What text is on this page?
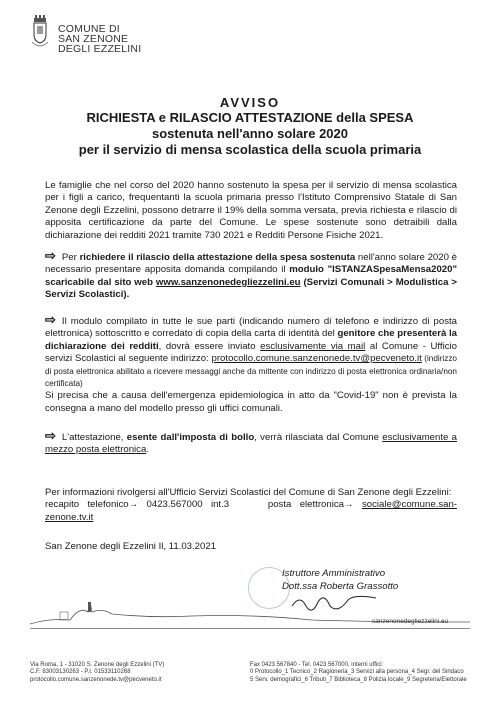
COMUNE DI
SAN ZENONE
DEGLI EZZELINI
AVVISO
RICHIESTA e RILASCIO ATTESTAZIONE della SPESA
sostenuta nell'anno solare 2020
per il servizio di mensa scolastica della scuola primaria
Le famiglie che nel corso del 2020 hanno sostenuto la spesa per il servizio di mensa scolastica per i figli a carico, frequentanti la scuola primaria presso l'Istituto Comprensivo Statale di San Zenone degli Ezzelini, possono detrarre il 19% della somma versata, previa richiesta e rilascio di apposita certificazione da parte del Comune. Le spese sostenute sono detraibili dalla dichiarazione dei redditi 2021 tramite 730 2021 e Redditi Persone Fisiche 2021.
⇨ Per richiedere il rilascio della attestazione della spesa sostenuta nell'anno solare 2020 è necessario presentare apposita domanda compilando il modulo "ISTANZASpesaMensa2020" scaricabile dal sito web www.sanzenonedegliezzelini.eu (Servizi Comunali > Modulistica > Servizi Scolastici).
⇨ Il modulo compilato in tutte le sue parti (indicando numero di telefono e indirizzo di posta elettronica) sottoscritto e corredato di copia della carta di identità del genitore che presenterà la dichiarazione dei redditi, dovrà essere inviato esclusivamente via mail al Comune - Ufficio servizi Scolastici al seguente indirizzo: protocollo.comune.sanzenonede.tv@pecveneto.it (indirizzo di posta elettronica abilitato a ricevere messaggi anche da mittente con indirizzo di posta elettronica ordinaria/non certificata)
Si precisa che a causa dell'emergenza epidemiologica in atto da "Covid-19" non è prevista la consegna a mano del modello presso gli uffici comunali.
⇨ L'attestazione, esente dall'imposta di bollo, verrà rilasciata dal Comune esclusivamente a mezzo posta elettronica.
Per informazioni rivolgersi all'Ufficio Servizi Scolastici del Comune di San Zenone degli Ezzelini:
recapito telefonico→ 0423.567000 int.3	posta elettronica→ sociale@comune.san-zenone.tv.it
San Zenone degli Ezzelini Il, 11.03.2021
Istruttore Amministrativo
Dott.ssa Roberta Grassotto
sanzenonedegliezzelini.eu
Via Roma, 1 - 31020 S. Zenone degli Ezzelini (TV)
C.F. 83003130263 - P.I. 01533110268
protocollo.comune.sanzenonede.tv@pecveneto.it
Fax 0423 567840 - Tel. 0423 567000, interni uffici:
0 Protocollo_1 Tecnico_2 Ragioneria_3 Servizi alla persona_4 Segr. del Sindaco
5 Serv. demografici_6 Tributi_7 Biblioteca_8 Polizia locale_9 Segreteria/Elettorale
